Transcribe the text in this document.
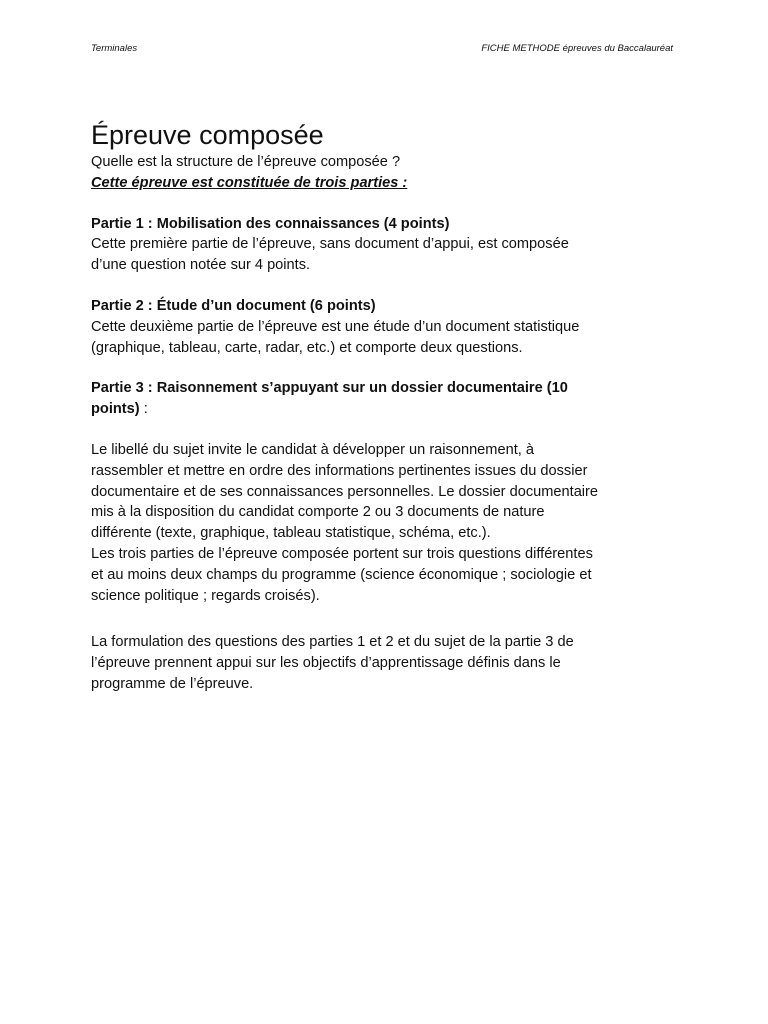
Terminales	FICHE METHODE épreuves du Baccalauréat
Épreuve composée

Quelle est la structure de l’épreuve composée ?

Cette épreuve est constituée de trois parties :

Partie 1 : Mobilisation des connaissances (4 points)

Cette première partie de l’épreuve, sans document d’appui, est composée

d’une question notée sur 4 points.

Partie 2 : Étude d’un document (6 points)

Cette deuxième partie de l’épreuve est une étude d’un document statistique

(graphique, tableau, carte, radar, etc.) et comporte deux questions.

Partie 3 : Raisonnement s’appuyant sur un dossier documentaire (10

points) :

Le libellé du sujet invite le candidat à développer un raisonnement, à

rassembler et mettre en ordre des informations pertinentes issues du dossier

documentaire et de ses connaissances personnelles. Le dossier documentaire

mis à la disposition du candidat comporte 2 ou 3 documents de nature

différente (texte, graphique, tableau statistique, schéma, etc.).

Les trois parties de l’épreuve composée portent sur trois questions différentes

et au moins deux champs du programme (science économique ; sociologie et

science politique ; regards croisés).

La formulation des questions des parties 1 et 2 et du sujet de la partie 3 de

l’épreuve prennent appui sur les objectifs d’apprentissage définis dans le

programme de l’épreuve.
